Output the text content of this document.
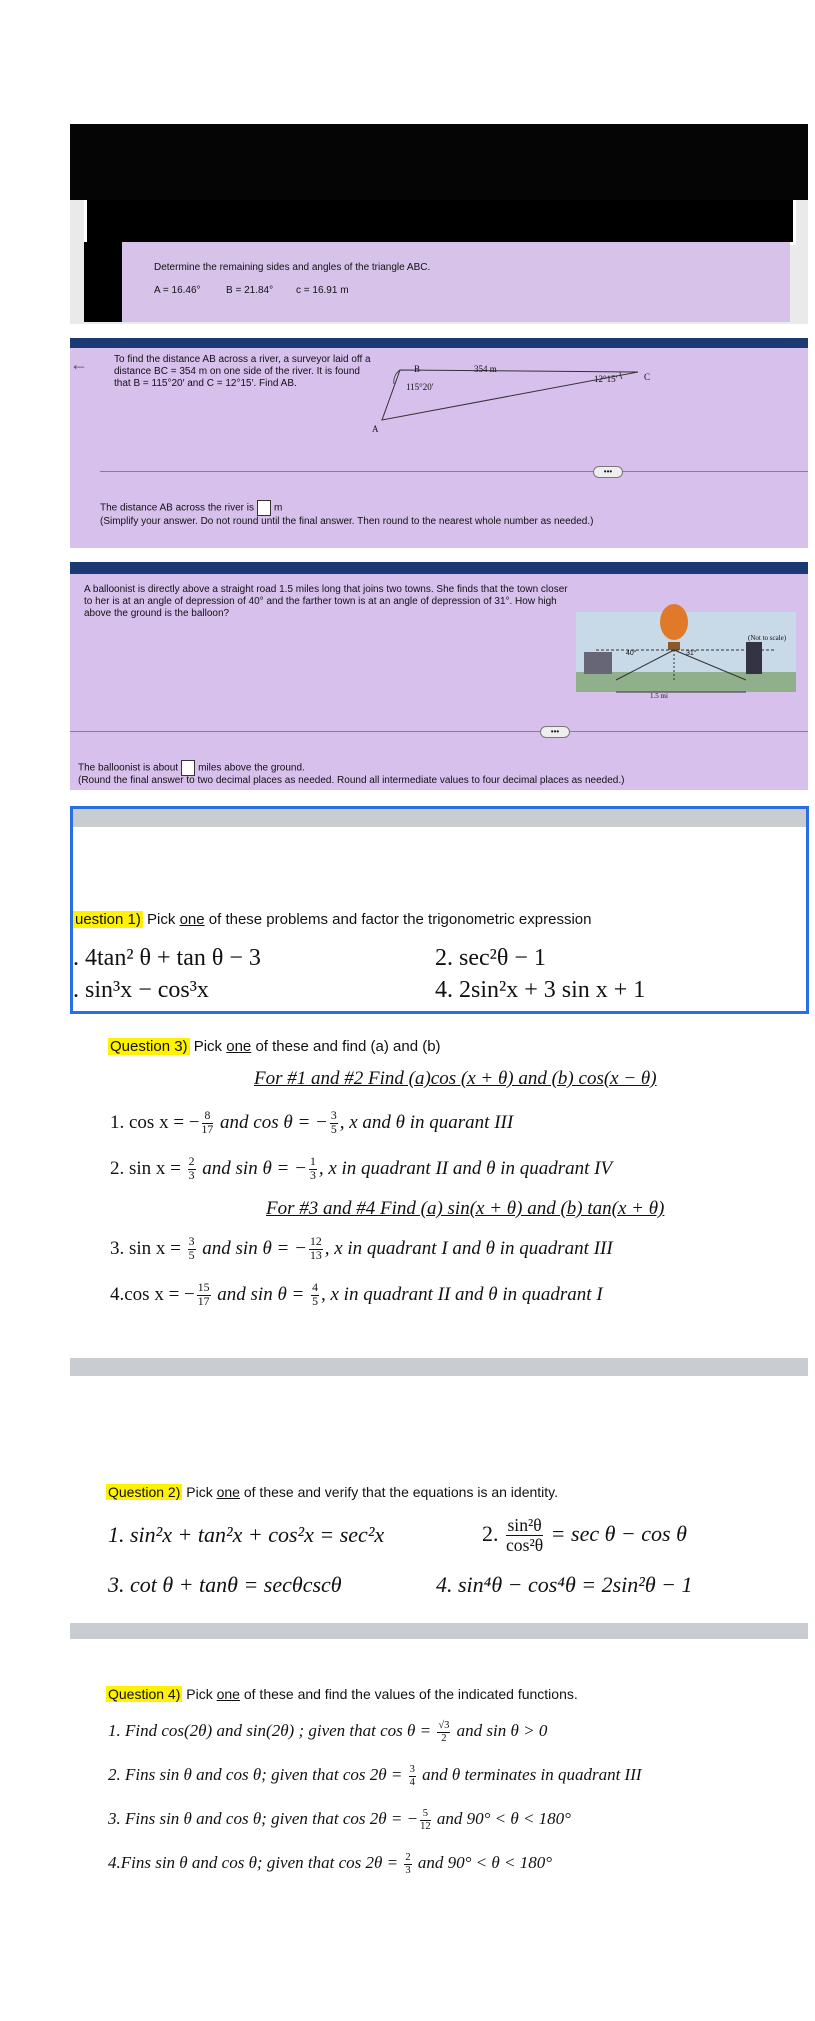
Determine the remaining sides and angles of the triangle ABC.
A = 16.46°	B = 21.84° c = 16.91 m
←	To find the distance AB across a river, a surveyor laid off a distance BC = 354 m on one side of the river. It is found that B = 115°20′ and C = 12°15′. Find AB.
B
C
A
354 m
115°20′
12°15′
•••
The distance AB across the river is m
(Simplify your answer. Do not round until the final answer. Then round to the nearest whole number as needed.)
A balloonist is directly above a straight road 1.5 miles long that joins two towns. She finds that the town closer to her is at an angle of depression of 40° and the farther town is at an angle of depression of 31°. How high above the ground is the balloon?
(Not to scale)
40°	31°
1.5 mi
•••
The balloonist is about miles above the ground.
(Round the final answer to two decimal places as needed. Round all intermediate values to four decimal places as needed.)
uestion 1) Pick one of these problems and factor the trigonometric expression
. 4tan² θ + tan θ − 3	2. sec²θ − 1
. sin³x − cos³x	4. 2sin²x + 3 sin x + 1
Question 3) Pick one of these and find (a) and (b)
For #1 and #2 Find (a)cos (x + θ) and (b) cos(x − θ)
1. cos x = − $\frac{8}{17}$ and cos θ = − $\frac{3}{5}$ , x and θ in quarant III
2. $\sin x = \frac{2}{3}$ and sin θ = − $\frac{1}{3}$ , x in quadrant II and θ in quadrant IV
For #3 and #4 Find (a) sin(x + θ) and (b) tan(x + θ)
3. $\sin x = \frac{3}{5}$ and sin θ = − $\frac{12}{13}$ , x in quadrant I and θ in quadrant III
4.cos x = − $\frac{15}{17}$ and $\sin \theta = \frac{4}{5}$ , x in quadrant II and θ in quadrant I
Question 2) Pick one of these and verify that the equations is an identity.
1. sin²x + tan²x + cos²x = sec²x	2. $\frac{\text{sin²θ}}{\text{cos²θ}} = \sec \theta - \cos \theta$
3. cot θ + tanθ = secθcscθ	4. sin⁴θ − cos⁴θ = 2sin²θ − 1
Question 4) Pick one of these and find the values of the indicated functions.
1. Find cos(2θ) and sin(2θ) ; given that $\cos \theta = \frac{√3}{2}$ and sin θ > 0
2. Fins sin θ and cos θ; given that $\cos 2\theta = \frac{3}{4}$ and θ terminates in quadrant III
3. Fins sin θ and cos θ; given that cos 2θ = − $\frac{5}{12}$ and 90° < θ < 180°
4.Fins sin θ and cos θ; given that $\cos 2\theta = \frac{2}{3}$ and 90° < θ < 180°
